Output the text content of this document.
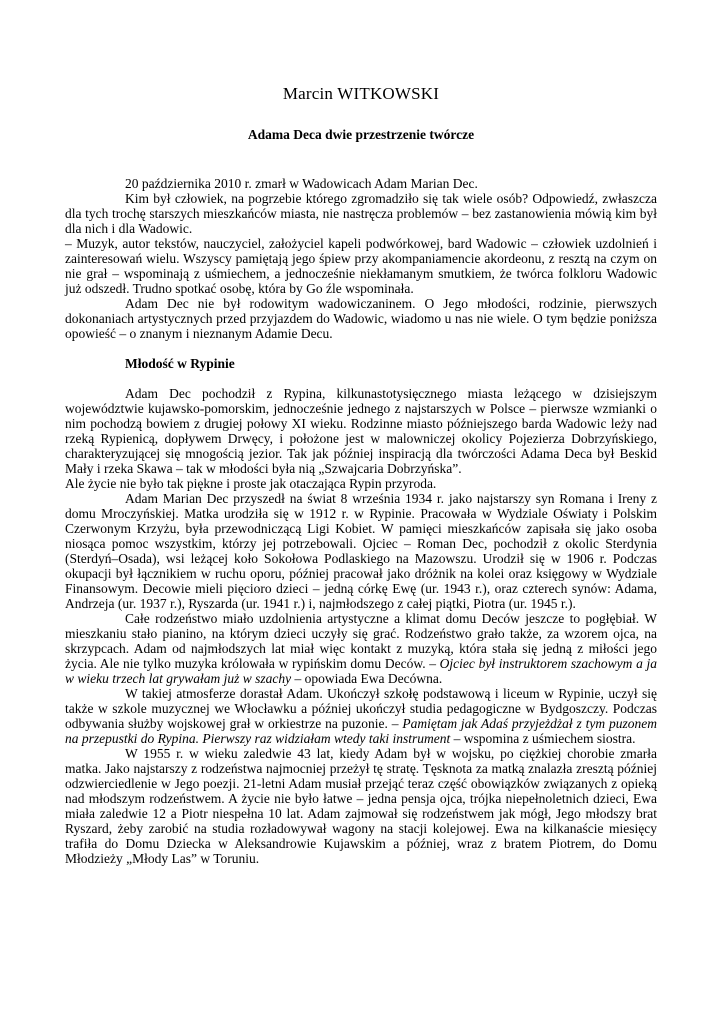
Marcin WITKOWSKI
Adama Deca dwie przestrzenie twórcze

20 października 2010 r. zmarł w Wadowicach Adam Marian Dec.

Kim był człowiek, na pogrzebie którego zgromadziło się tak wiele osób? Odpowiedź, zwłaszcza dla tych trochę starszych mieszkańców miasta, nie nastręcza problemów – bez zastanowienia mówią kim był dla nich i dla Wadowic.

– Muzyk, autor tekstów, nauczyciel, założyciel kapeli podwórkowej, bard Wadowic – człowiek uzdolnień i zainteresowań wielu. Wszyscy pamiętają jego śpiew przy akompaniamencie akordeonu, z resztą na czym on nie grał – wspominają z uśmiechem, a jednocześnie niekłamanym smutkiem, że twórca folkloru Wadowic już odszedł. Trudno spotkać osobę, która by Go źle wspominała.

Adam Dec nie był rodowitym wadowiczaninem. O Jego młodości, rodzinie, pierwszych dokonaniach artystycznych przed przyjazdem do Wadowic, wiadomo u nas nie wiele. O tym będzie poniższa opowieść – o znanym i nieznanym Adamie Decu.

Młodość w Rypinie

Adam Dec pochodził z Rypina, kilkunastotysięcznego miasta leżącego w dzisiejszym województwie kujawsko-pomorskim, jednocześnie jednego z najstarszych w Polsce – pierwsze wzmianki o nim pochodzą bowiem z drugiej połowy XI wieku. Rodzinne miasto późniejszego barda Wadowic leży nad rzeką Rypienicą, dopływem Drwęcy, i położone jest w malowniczej okolicy Pojezierza Dobrzyńskiego, charakteryzującej się mnogością jezior. Tak jak później inspiracją dla twórczości Adama Deca był Beskid Mały i rzeka Skawa – tak w młodości była nią „Szwajcaria Dobrzyńska”.

Ale życie nie było tak piękne i proste jak otaczająca Rypin przyroda.

Adam Marian Dec przyszedł na świat 8 września 1934 r. jako najstarszy syn Romana i Ireny z domu Mroczyńskiej. Matka urodziła się w 1912 r. w Rypinie. Pracowała w Wydziale Oświaty i Polskim Czerwonym Krzyżu, była przewodniczącą Ligi Kobiet. W pamięci mieszkańców zapisała się jako osoba niosąca pomoc wszystkim, którzy jej potrzebowali. Ojciec – Roman Dec, pochodził z okolic Sterdynia (Sterdyń–Osada), wsi leżącej koło Sokołowa Podlaskiego na Mazowszu. Urodził się w 1906 r. Podczas okupacji był łącznikiem w ruchu oporu, później pracował jako dróżnik na kolei oraz księgowy w Wydziale Finansowym. Decowie mieli pięcioro dzieci – jedną córkę Ewę (ur. 1943 r.), oraz czterech synów: Adama, Andrzeja (ur. 1937 r.), Ryszarda (ur. 1941 r.) i, najmłodszego z całej piątki, Piotra (ur. 1945 r.).

Całe rodzeństwo miało uzdolnienia artystyczne a klimat domu Deców jeszcze to pogłębiał. W mieszkaniu stało pianino, na którym dzieci uczyły się grać. Rodzeństwo grało także, za wzorem ojca, na skrzypcach. Adam od najmłodszych lat miał więc kontakt z muzyką, która stała się jedną z miłości jego życia. Ale nie tylko muzyka królowała w rypińskim domu Deców. – Ojciec był instruktorem szachowym a ja w wieku trzech lat grywałam już w szachy – opowiada Ewa Decówna.

W takiej atmosferze dorastał Adam. Ukończył szkołę podstawową i liceum w Rypinie, uczył się także w szkole muzycznej we Włocławku a później ukończył studia pedagogiczne w Bydgoszczy. Podczas odbywania służby wojskowej grał w orkiestrze na puzonie. – Pamiętam jak Adaś przyjeżdżał z tym puzonem na przepustki do Rypina. Pierwszy raz widziałam wtedy taki instrument – wspomina z uśmiechem siostra.

W 1955 r. w wieku zaledwie 43 lat, kiedy Adam był w wojsku, po ciężkiej chorobie zmarła matka. Jako najstarszy z rodzeństwa najmocniej przeżył tę stratę. Tęsknota za matką znalazła zresztą później odzwierciedlenie w Jego poezji. 21-letni Adam musiał przejąć teraz część obowiązków związanych z opieką nad młodszym rodzeństwem. A życie nie było łatwe – jedna pensja ojca, trójka niepełnoletnich dzieci, Ewa miała zaledwie 12 a Piotr niespełna 10 lat. Adam zajmował się rodzeństwem jak mógł, Jego młodszy brat Ryszard, żeby zarobić na studia rozładowywał wagony na stacji kolejowej. Ewa na kilkanaście miesięcy trafiła do Domu Dziecka w Aleksandrowie Kujawskim a później, wraz z bratem Piotrem, do Domu Młodzieży „Młody Las” w Toruniu.
